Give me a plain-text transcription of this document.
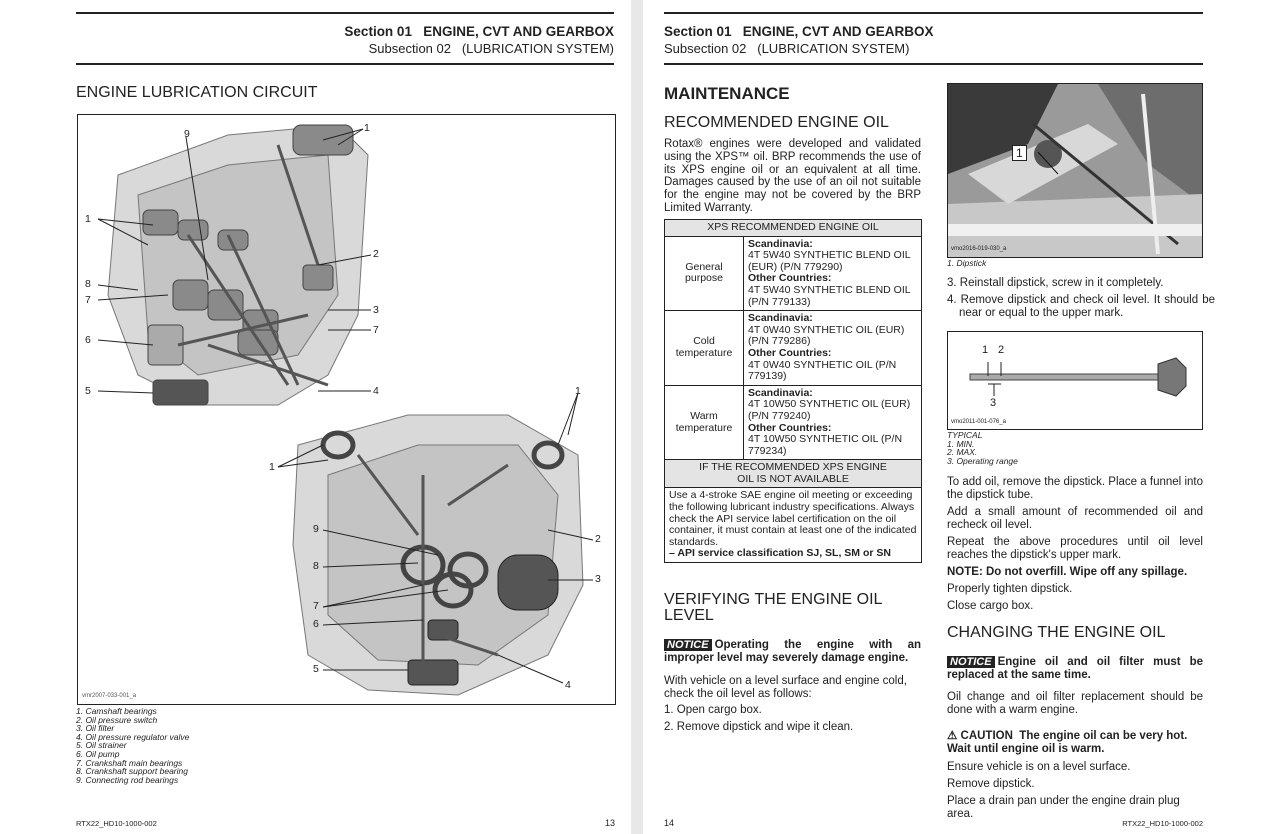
Section 01 ENGINE, CVT AND GEARBOX
Subsection 02 (LUBRICATION SYSTEM)
ENGINE LUBRICATION CIRCUIT
9	1
1
2
8
7
3
7
6
5	4	1
1
9
2
8
3
7
6
5
4
vmr2007-033-001_a
1. Camshaft bearings
2. Oil pressure switch
3. Oil filter
4. Oil pressure regulator valve
5. Oil strainer
6. Oil pump
7. Crankshaft main bearings
8. Crankshaft support bearing
9. Connecting rod bearings
RTX22_HD10-1000-002	13
Section 01 ENGINE, CVT AND GEARBOX
Subsection 02 (LUBRICATION SYSTEM)
MAINTENANCE
RECOMMENDED ENGINE OIL
Rotax® engines were developed and validated using the XPS™ oil. BRP recommends the use of its XPS engine oil or an equivalent at all time. Damages caused by the use of an oil not suitable for the engine may not be covered by the BRP Limited Warranty.
XPS RECOMMENDED ENGINE OIL	
General purpose	Scandinavia:
4T 5W40 SYNTHETIC BLEND OIL (EUR) (P/N 779290)
Other Countries:
4T 5W40 SYNTHETIC BLEND OIL (P/N 779133)

Cold temperature	Scandinavia:
4T 0W40 SYNTHETIC OIL (EUR) (P/N 779286)
Other Countries:
4T 0W40 SYNTHETIC OIL (P/N 779139)

Warm temperature	Scandinavia:
4T 10W50 SYNTHETIC OIL (EUR) (P/N 779240)
Other Countries:
4T 10W50 SYNTHETIC OIL (P/N 779234)

IF THE RECOMMENDED XPS ENGINE OIL IS NOT AVAILABLE	

Use a 4-stroke SAE engine oil meeting or exceeding the following lubricant industry specifications. Always check the API service label certification on the oil container, it must contain at least one of the indicated standards.
– API service classification SJ, SL, SM or SN	
VERIFYING THE ENGINE OIL LEVEL
NOTICE Operating the engine with an improper level may severely damage engine.
With vehicle on a level surface and engine cold, check the oil level as follows:
1. Open cargo box.
2. Remove dipstick and wipe it clean.
14	RTX22_HD10-1000-002
1
vmo2016-019-030_a
1. Dipstick
3. Reinstall dipstick, screw in it completely.
4. Remove dipstick and check oil level. It should be near or equal to the upper mark.
1 2
3
vmo2011-001-076_a
TYPICAL
1. MIN.
2. MAX.
3. Operating range
To add oil, remove the dipstick. Place a funnel into the dipstick tube.
Add a small amount of recommended oil and recheck oil level.
Repeat the above procedures until oil level reaches the dipstick's upper mark.
NOTE: Do not overfill. Wipe off any spillage.
Properly tighten dipstick.
Close cargo box.
CHANGING THE ENGINE OIL
NOTICE Engine oil and oil filter must be replaced at the same time.
Oil change and oil filter replacement should be done with a warm engine.
⚠ CAUTION The engine oil can be very hot. Wait until engine oil is warm.
Ensure vehicle is on a level surface.
Remove dipstick.
Place a drain pan under the engine drain plug area.
